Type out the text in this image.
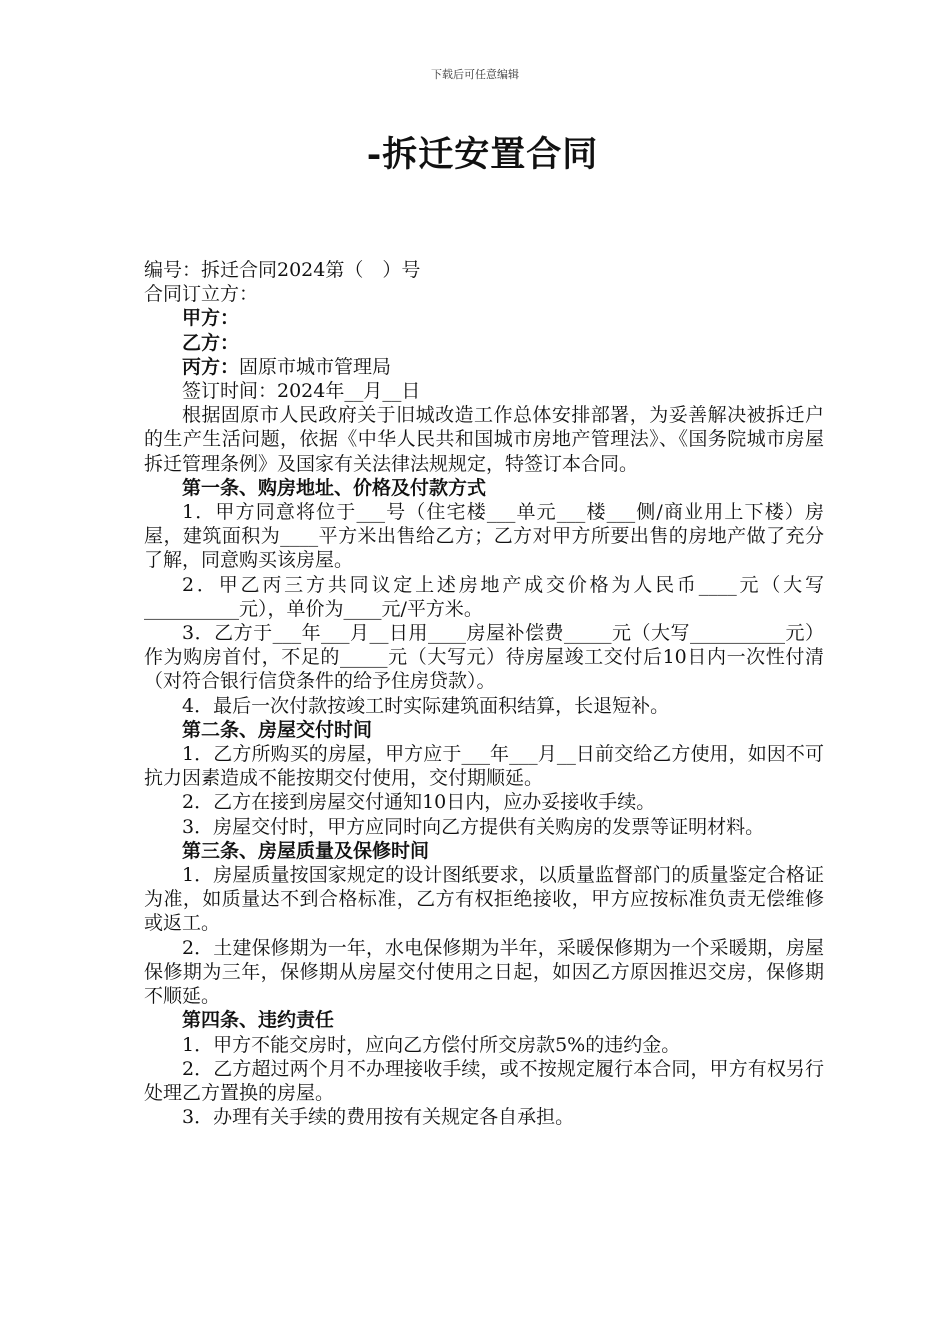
下载后可任意编辑
-拆迁安置合同

编号：拆迁合同2024第（　）号

合同订立方：

甲方：

乙方：

丙方：固原市城市管理局

签订时间：2024年__月__日

根据固原市人民政府关于旧城改造工作总体安排部署，为妥善解决被拆迁户的生产生活问题，依据《中华人民共和国城市房地产管理法》、《国务院城市房屋拆迁管理条例》及国家有关法律法规规定，特签订本合同。

第一条、购房地址、价格及付款方式

1．甲方同意将位于___号（住宅楼___单元___楼___侧/商业用上下楼）房屋，建筑面积为____平方米出售给乙方；乙方对甲方所要出售的房地产做了充分了解，同意购买该房屋。

2．甲乙丙三方共同议定上述房地产成交价格为人民币____元（大写__________元），单价为____元/平方米。

3．乙方于___年___月__日用____房屋补偿费_____元（大写__________元）作为购房首付，不足的_____元（大写元）待房屋竣工交付后10日内一次性付清（对符合银行信贷条件的给予住房贷款）。

4．最后一次付款按竣工时实际建筑面积结算，长退短补。

第二条、房屋交付时间

1．乙方所购买的房屋，甲方应于___年___月__日前交给乙方使用，如因不可抗力因素造成不能按期交付使用，交付期顺延。

2．乙方在接到房屋交付通知10日内，应办妥接收手续。

3．房屋交付时，甲方应同时向乙方提供有关购房的发票等证明材料。

第三条、房屋质量及保修时间

1．房屋质量按国家规定的设计图纸要求，以质量监督部门的质量鉴定合格证为准，如质量达不到合格标准，乙方有权拒绝接收，甲方应按标准负责无偿维修或返工。

2．土建保修期为一年，水电保修期为半年，采暖保修期为一个采暖期，房屋保修期为三年，保修期从房屋交付使用之日起，如因乙方原因推迟交房，保修期不顺延。

第四条、违约责任

1．甲方不能交房时，应向乙方偿付所交房款5%的违约金。

2．乙方超过两个月不办理接收手续，或不按规定履行本合同，甲方有权另行处理乙方置换的房屋。

3．办理有关手续的费用按有关规定各自承担。
